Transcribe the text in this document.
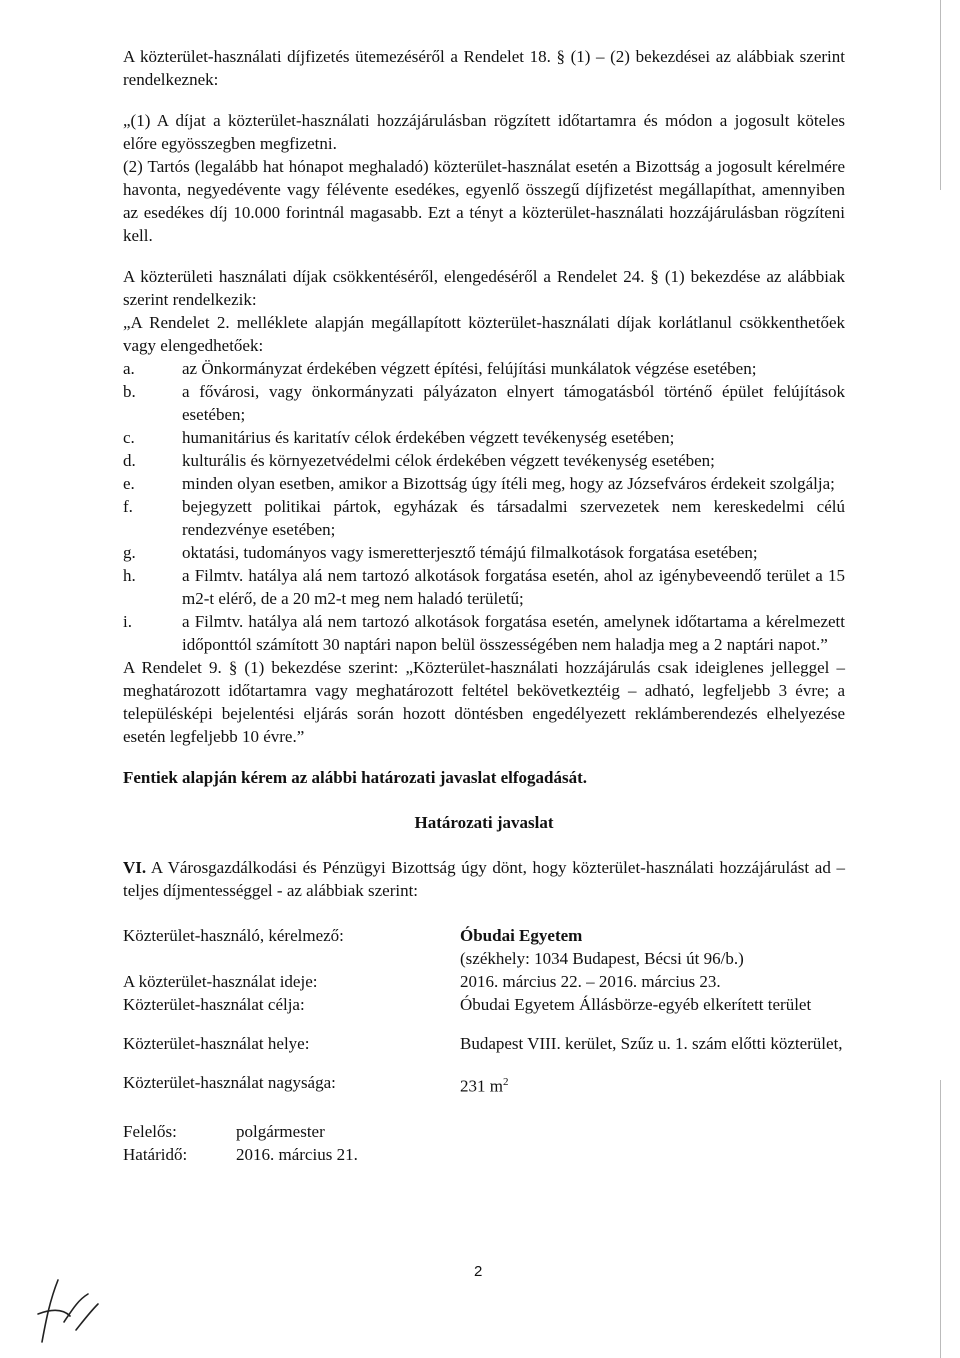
A közterület-használati díjfizetés ütemezéséről a Rendelet 18. § (1) – (2) bekezdései az alábbiak szerint rendelkeznek:

„(1) A díjat a közterület-használati hozzájárulásban rögzített időtartamra és módon a jogosult köteles előre egyösszegben megfizetni.

(2) Tartós (legalább hat hónapot meghaladó) közterület-használat esetén a Bizottság a jogosult kérelmére havonta, negyedévente vagy félévente esedékes, egyenlő összegű díjfizetést megállapíthat, amennyiben az esedékes díj 10.000 forintnál magasabb. Ezt a tényt a közterület-használati hozzájárulásban rögzíteni kell.

A közterületi használati díjak csökkentéséről, elengedéséről a Rendelet 24. § (1) bekezdése az alábbiak szerint rendelkezik:

„A Rendelet 2. melléklete alapján megállapított közterület-használati díjak korlátlanul csökkenthetőek vagy elengedhetőek:

a.	az Önkormányzat érdekében végzett építési, felújítási munkálatok végzése esetében;
b.	a fővárosi, vagy önkormányzati pályázaton elnyert támogatásból történő épület felújítások esetében;
c.	humanitárius és karitatív célok érdekében végzett tevékenység esetében;
d.	kulturális és környezetvédelmi célok érdekében végzett tevékenység esetében;
e.	minden olyan esetben, amikor a Bizottság úgy ítéli meg, hogy az Józsefváros érdekeit szolgálja;
f.	bejegyzett politikai pártok, egyházak és társadalmi szervezetek nem kereskedelmi célú rendezvénye esetében;
g.	oktatási, tudományos vagy ismeretterjesztő témájú filmalkotások forgatása esetében;
h.	a Filmtv. hatálya alá nem tartozó alkotások forgatása esetén, ahol az igénybeveendő terület a 15 m2-t elérő, de a 20 m2-t meg nem haladó területű;
i.	a Filmtv. hatálya alá nem tartozó alkotások forgatása esetén, amelynek időtartama a kérelmezett időponttól számított 30 naptári napon belül összességében nem haladja meg a 2 naptári napot.”

A Rendelet 9. § (1) bekezdése szerint: „Közterület-használati hozzájárulás csak ideiglenes jelleggel – meghatározott időtartamra vagy meghatározott feltétel bekövetkeztéig – adható, legfeljebb 3 évre; a településképi bejelentési eljárás során hozott döntésben engedélyezett reklámberendezés elhelyezése esetén legfeljebb 10 évre.”

Fentiek alapján kérem az alábbi határozati javaslat elfogadását.

Határozati javaslat

VI. A Városgazdálkodási és Pénzügyi Bizottság úgy dönt, hogy közterület-használati hozzájárulást ad – teljes díjmentességgel - az alábbiak szerint:

Közterület-használó, kérelmező:	Óbudai Egyetem
(székhely: 1034 Budapest, Bécsi út 96/b.)
A közterület-használat ideje:	2016. március 22. – 2016. március 23.
Közterület-használat célja:	Óbudai Egyetem Állásbörze-egyéb elkerített terület
Közterület-használat helye:	Budapest VIII. kerület, Szűz u. 1. szám előtti közterület,
Közterület-használat nagysága:	231 $m^2$
Felelős:	polgármester
Határidő:	2016. március 21.
2
